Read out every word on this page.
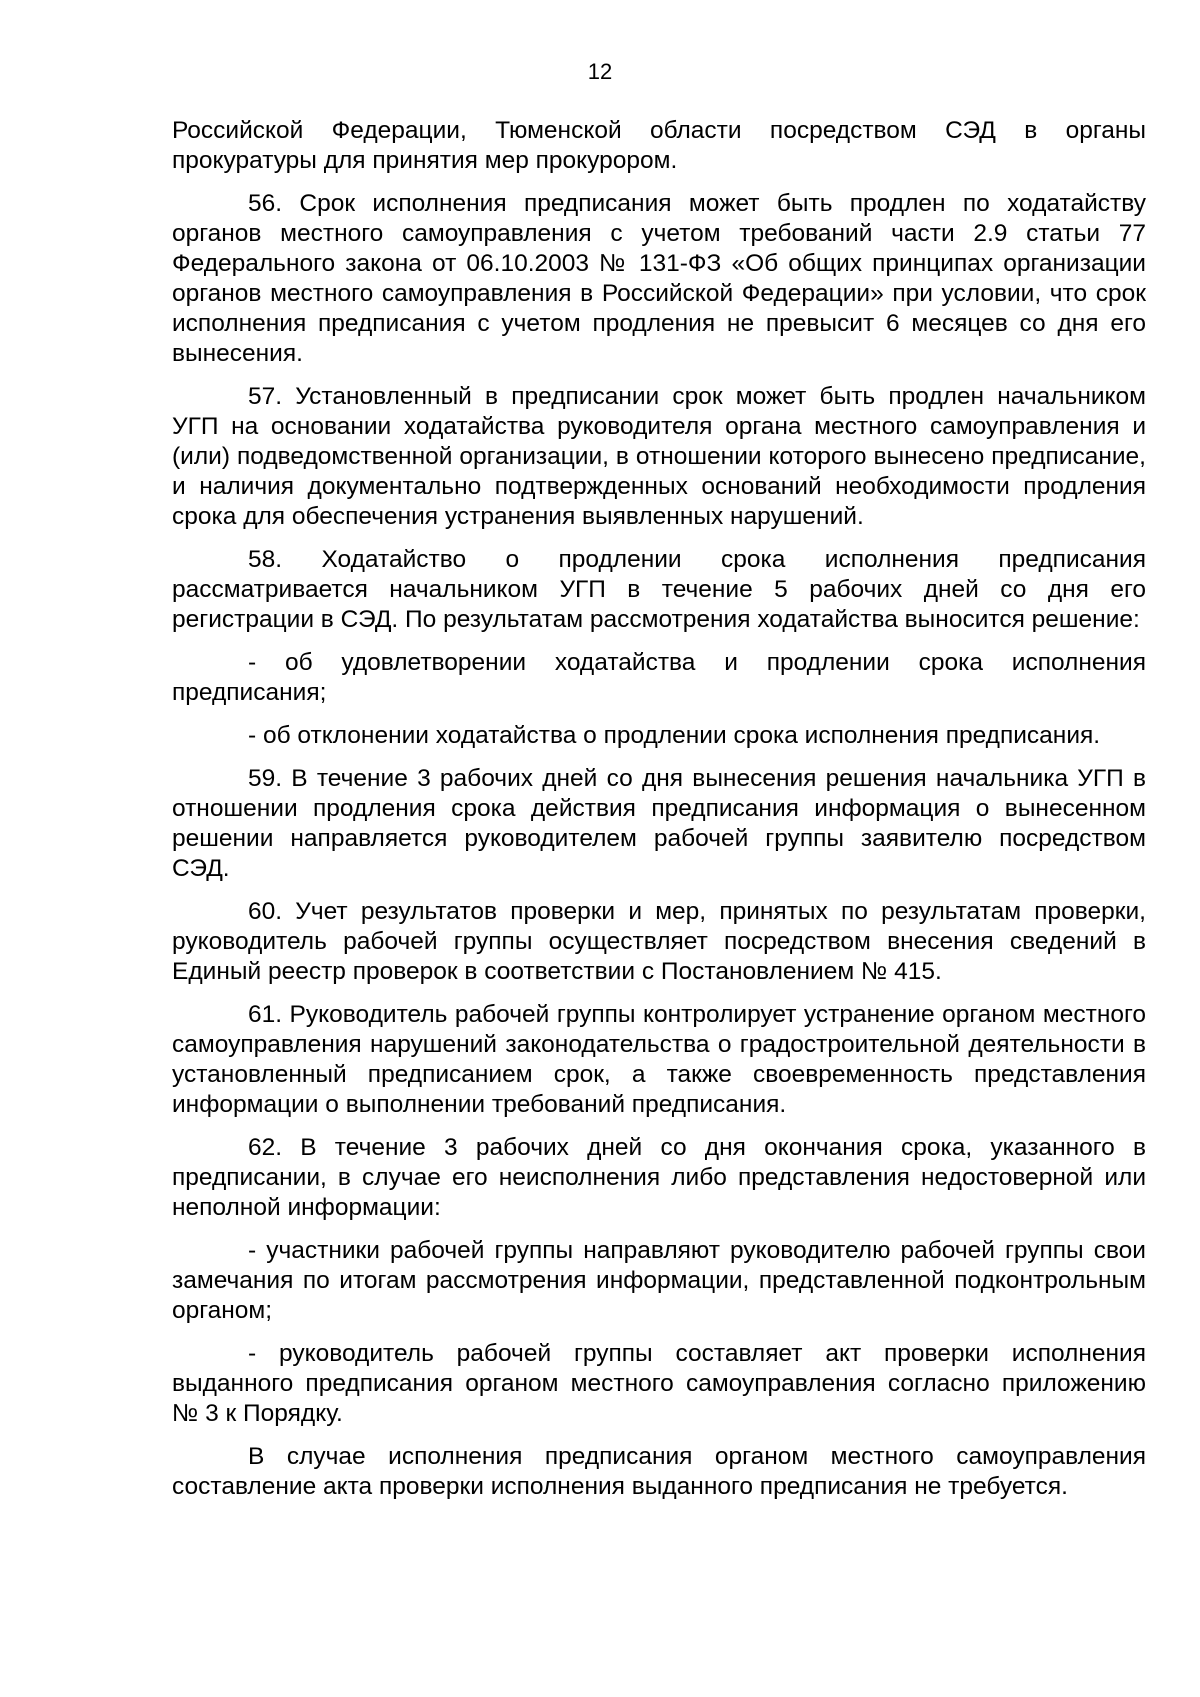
12

Российской Федерации, Тюменской области посредством СЭД в органы прокуратуры для принятия мер прокурором.

56. Срок исполнения предписания может быть продлен по ходатайству органов местного самоуправления с учетом требований части 2.9 статьи 77 Федерального закона от 06.10.2003 № 131-ФЗ «Об общих принципах организации органов местного самоуправления в Российской Федерации» при условии, что срок исполнения предписания с учетом продления не превысит 6 месяцев со дня его вынесения.

57. Установленный в предписании срок может быть продлен начальником УГП на основании ходатайства руководителя органа местного самоуправления и (или) подведомственной организации, в отношении которого вынесено предписание, и наличия документально подтвержденных оснований необходимости продления срока для обеспечения устранения выявленных нарушений.

58. Ходатайство о продлении срока исполнения предписания рассматривается начальником УГП в течение 5 рабочих дней со дня его регистрации в СЭД. По результатам рассмотрения ходатайства выносится решение:

- об удовлетворении ходатайства и продлении срока исполнения предписания;

- об отклонении ходатайства о продлении срока исполнения предписания.

59. В течение 3 рабочих дней со дня вынесения решения начальника УГП в отношении продления срока действия предписания информация о вынесенном решении направляется руководителем рабочей группы заявителю посредством СЭД.

60. Учет результатов проверки и мер, принятых по результатам проверки, руководитель рабочей группы осуществляет посредством внесения сведений в Единый реестр проверок в соответствии с Постановлением № 415.

61. Руководитель рабочей группы контролирует устранение органом местного самоуправления нарушений законодательства о градостроительной деятельности в установленный предписанием срок, а также своевременность представления информации о выполнении требований предписания.

62. В течение 3 рабочих дней со дня окончания срока, указанного в предписании, в случае его неисполнения либо представления недостоверной или неполной информации:

- участники рабочей группы направляют руководителю рабочей группы свои замечания по итогам рассмотрения информации, представленной подконтрольным органом;

- руководитель рабочей группы составляет акт проверки исполнения выданного предписания органом местного самоуправления согласно приложению № 3 к Порядку.

В случае исполнения предписания органом местного самоуправления составление акта проверки исполнения выданного предписания не требуется.
